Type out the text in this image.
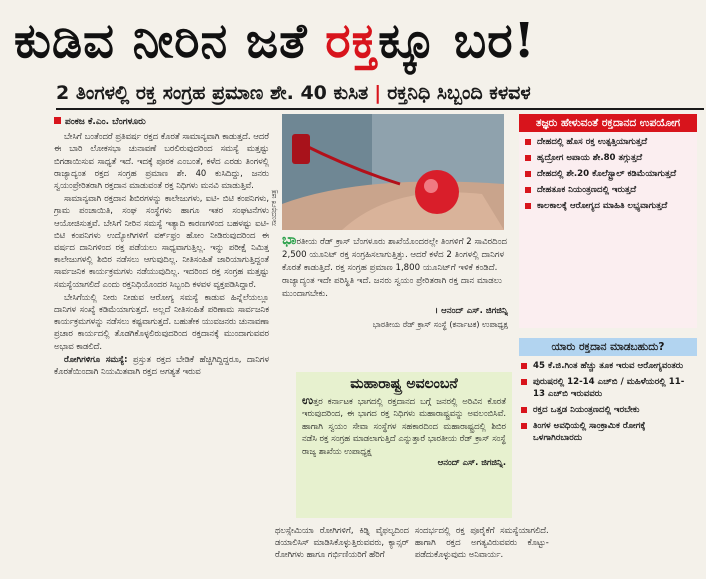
ಕುಡಿವ ನೀರಿನ ಜತೆ ರಕ್ತಕ್ಕೂ ಬರ!
2 ತಿಂಗಳಲ್ಲಿ ರಕ್ತ ಸಂಗ್ರಹ ಪ್ರಮಾಣ ಶೇ. 40 ಕುಸಿತ | ರಕ್ತನಿಧಿ ಸಿಬ್ಬಂದಿ ಕಳವಳ
ಪಂಕಜ ಕೆ.ಎಂ. ಬೆಂಗಳೂರು

ಬೇಸಿಗೆ ಬಂತೆಂದರೆ ಪ್ರತಿವರ್ಷ ರಕ್ತದ ಕೊರತೆ ಸಾಮಾನ್ಯವಾಗಿ ಕಾಡುತ್ತದೆ. ಆದರೆ ಈ ಬಾರಿ ಲೋಕಸಭಾ ಚುನಾವಣೆ ಬರಲಿರುವುದರಿಂದ ಸಮಸ್ಯೆ ಮತ್ತಷ್ಟು ಬಿಗಡಾಯಿಸುವ ಸಾಧ್ಯತೆ ಇದೆ. ಇದಕ್ಕೆ ಪೂರಕ ಎಂಬಂತೆ, ಕಳೆದ ಎರಡು ತಿಂಗಳಲ್ಲಿ ರಾಜ್ಯಾದ್ಯಂತ ರಕ್ತದ ಸಂಗ್ರಹ ಪ್ರಮಾಣ ಶೇ. 40 ಕುಸಿದಿದ್ದು, ಜನರು ಸ್ವಯಂಪ್ರೇರಿತರಾಗಿ ರಕ್ತದಾನ ಮಾಡುವಂತೆ ರಕ್ತ ನಿಧಿಗಳು ಮನವಿ ಮಾಡುತ್ತಿವೆ.

ಸಾಮಾನ್ಯವಾಗಿ ರಕ್ತದಾನ ಶಿಬಿರಗಳನ್ನು ಕಾಲೇಜುಗಳು, ಐಟಿ- ಬಿಟಿ ಕಂಪನಿಗಳು, ಗ್ರಾಮ ಪಂಚಾಯಿತಿ, ಸಂಘ ಸಂಸ್ಥೆಗಳು ಹಾಗೂ ಇತರ ಸಂಘಟನೆಗಳು ಆಯೋಜಿಸುತ್ತವೆ. ಬೇಸಿಗೆ ನೀರಿನ ಸಮಸ್ಯೆ ಇತ್ಯಾದಿ ಕಾರಣಗಳಿಂದ ಬಹಳಷ್ಟು ಐಟಿ-ಬಿಟಿ ಕಂಪನಿಗಳು ಉದ್ಯೋಗಿಗಳಿಗೆ ವರ್ಕ್‌ಫ್ರಂ ಹೋಂ ನೀಡಿರುವುದರಿಂದ ಈ ವರ್ಷದ ದಾನಿಗಳಿಂದ ರಕ್ತ ಪಡೆಯಲು ಸಾಧ್ಯವಾಗುತ್ತಿಲ್ಲ. ಇನ್ನು ಪರೀಕ್ಷೆ ನಿಮಿತ್ತ ಕಾಲೇಜುಗಳಲ್ಲಿ ಶಿಬಿರ ನಡೆಸಲು ಆಗುವುದಿಲ್ಲ. ನೀತಿಸಂಹಿತೆ ಜಾರಿಯಾಗುತ್ತಿದ್ದಂತೆ ಸಾರ್ವಜನಿಕ ಕಾರ್ಯಕ್ರಮಗಳು ನಡೆಯುವುದಿಲ್ಲ. ಇದರಿಂದ ರಕ್ತ ಸಂಗ್ರಹ ಮತ್ತಷ್ಟು ಸಮಸ್ಯೆಯಾಗಲಿದೆ ಎಂದು ರಕ್ತನಿಧಿಯೊಂದರ ಸಿಬ್ಬಂದಿ ಕಳವಳ ವ್ಯಕ್ತಪಡಿಸಿದ್ದಾರೆ.

ಬೇಸಿಗೆಯಲ್ಲಿ ನೀರು ನೀಡುವ ಆರೋಗ್ಯ ಸಮಸ್ಯೆ ಕಾಡುವ ಹಿನ್ನೆಲೆಯಲ್ಲೂ ದಾನಿಗಳ ಸಂಖ್ಯೆ ಕಡಿಮೆಯಾಗುತ್ತದೆ. ಅಲ್ಲದೆ ನೀತಿಸಂಹಿತೆ ಪರಿಣಾಮ ಸಾರ್ವಜನಿಕ ಕಾರ್ಯಕ್ರಮಗಳನ್ನು ನಡೆಸಲು ಕಷ್ಟವಾಗುತ್ತದೆ. ಬಹುತೇಕ ಯುವಜನರು ಚುನಾವಣಾ ಪ್ರಚಾರ ಕಾರ್ಯದಲ್ಲಿ ತೊಡಗಿಕೊಳ್ಳಲಿರುವುದರಿಂದ ರಕ್ತದಾನಕ್ಕೆ ಮುಂದಾಗುವವರ ಅಭಾವ ಕಾಡಲಿದೆ.

ರೋಗಿಗಳಿಗೂ ಸಮಸ್ಯೆ: ಪ್ರಸ್ತುತ ರಕ್ತದ ಬೇಡಿಕೆ ಹೆಚ್ಚಿಗಿದ್ದಿದ್ದರೂ, ದಾನಿಗಳ ಕೊರತೆಯಿಂದಾಗಿ ನಿಯಮಿತವಾಗಿ ರಕ್ತದ ಅಗತ್ಯತೆ ಇರುವ

ಸಾಂದರ್ಭಿಕ ಚಿತ್ರ

ಭಾರತೀಯ ರೆಡ್ ಕ್ರಾಸ್ ಬೆಂಗಳೂರು ಶಾಖೆಯೊಂದರಲ್ಲೇ ತಿಂಗಳಿಗೆ 2 ಸಾವಿರದಿಂದ 2,500 ಯೂನಿಟ್ ರಕ್ತ ಸಂಗ್ರಹಿಸಲಾಗುತ್ತಿತ್ತು. ಆದರೆ ಕಳೆದ 2 ತಿಂಗಳಲ್ಲಿ ದಾನಿಗಳ ಕೊರತೆ ಕಾಡುತ್ತಿದೆ. ರಕ್ತ ಸಂಗ್ರಹ ಪ್ರಮಾಣ 1,800 ಯೂನಿಟ್‌ಗೆ ಇಳಿಕೆ ಕಂಡಿದೆ. ರಾಜ್ಯಾದ್ಯಂತ ಇದೇ ಪರಿಸ್ಥಿತಿ ಇದೆ. ಜನರು ಸ್ವಯಂ ಪ್ರೇರಿತರಾಗಿ ರಕ್ತ ದಾನ ಮಾಡಲು ಮುಂದಾಗಬೇಕು.

। ಆನಂದ್ ಎಸ್. ಜಿಗಜಿನ್ನಿ

ಭಾರತೀಯ ರೆಡ್ ಕ್ರಾಸ್ ಸಂಸ್ಥೆ (ಕರ್ನಾಟಕ) ಉಪಾಧ್ಯಕ್ಷ

ಮಹಾರಾಷ್ಟ್ರ ಅವಲಂಬನೆ

ಉತ್ತರ ಕರ್ನಾಟಕ ಭಾಗದಲ್ಲಿ ರಕ್ತದಾನದ ಬಗ್ಗೆ ಜನರಲ್ಲಿ ಅರಿವಿನ ಕೊರತೆ ಇರುವುದರಿಂದ, ಈ ಭಾಗದ ರಕ್ತ ನಿಧಿಗಳು ಮಹಾರಾಷ್ಟ್ರವನ್ನು ಅವಲಂಬಿಸಿವೆ. ಹಾಗಾಗಿ ಸ್ವಯಂ ಸೇವಾ ಸಂಸ್ಥೆಗಳ ಸಹಕಾರದಿಂದ ಮಹಾರಾಷ್ಟ್ರದಲ್ಲಿ ಶಿಬಿರ ನಡೆಸಿ ರಕ್ತ ಸಂಗ್ರಹ ಮಾಡಲಾಗುತ್ತಿದೆ ಎನ್ನುತ್ತಾರೆ ಭಾರತೀಯ ರೆಡ್ ಕ್ರಾಸ್ ಸಂಸ್ಥೆ ರಾಜ್ಯ ಶಾಖೆಯ ಉಪಾಧ್ಯಕ್ಷ

ಆನಂದ್ ಎಸ್. ಜಿಗಜಿನ್ನಿ.

ಥಲಸ್ಸೇಮಿಯಾ ರೋಗಿಗಳಿಗೆ, ಕಿಡ್ನಿ ವೈಫಲ್ಯದಿಂದ ಡಯಾಲಿಸಿಸ್ ಮಾಡಿಸಿಕೊಳ್ಳುತ್ತಿರುವವರು, ಕ್ಯಾನ್ಸರ್ ರೋಗಿಗಳು ಹಾಗೂ ಗರ್ಭಿಣಿಯರಿಗೆ ಹೆರಿಗೆ
ಸಂದರ್ಭದಲ್ಲಿ ರಕ್ತ ಪೂರೈಕೆಗೆ ಸಮಸ್ಯೆಯಾಗಲಿದೆ. ಹಾಗಾಗಿ ರಕ್ತದ ಅಗತ್ಯವಿರುವವರು ಕೊಟ್ಟು- ಪಡೆದುಕೊಳ್ಳುವುದು ಅನಿವಾರ್ಯ.
ತಜ್ಞರು ಹೇಳುವಂತೆ ರಕ್ತದಾನದ ಉಪಯೋಗ
ದೇಹದಲ್ಲಿ ಹೊಸ ರಕ್ತ ಉತ್ಪತ್ತಿಯಾಗುತ್ತದೆ
ಹೃದ್ರೋಗ ಅಪಾಯ ಶೇ.80 ತಗ್ಗುತ್ತದೆ
ದೇಹದಲ್ಲಿ ಶೇ.20 ಕೊಲೆಸ್ಟ್ರಾಲ್ ಕಡಿಮೆಯಾಗುತ್ತದೆ
ದೇಹತೂಕ ನಿಯಂತ್ರಣದಲ್ಲಿ ಇರುತ್ತದೆ
ಕಾಲಕಾಲಕ್ಕೆ ಆರೋಗ್ಯದ ಮಾಹಿತಿ ಲಭ್ಯವಾಗುತ್ತದೆ
ಯಾರು ರಕ್ತದಾನ ಮಾಡಬಹುದು?
45 ಕೆ.ಜಿ.ಗಿಂತ ಹೆಚ್ಚು ತೂಕ ಇರುವ ಆರೋಗ್ಯವಂತರು
ಪುರುಷರಲ್ಲಿ 12-14 ಎಚ್‌ಬಿ / ಮಹಿಳೆಯರಲ್ಲಿ 11-13 ಎಚ್‌ಬಿ ಇರುವವರು
ರಕ್ತದ ಒತ್ತಡ ನಿಯಂತ್ರಣದಲ್ಲಿ ಇರಬೇಕು
ತಿಂಗಳ ಅವಧಿಯಲ್ಲಿ ಸಾಂಕ್ರಾಮಿಕ ರೋಗಕ್ಕೆ ಒಳಗಾಗಿರಬಾರದು
